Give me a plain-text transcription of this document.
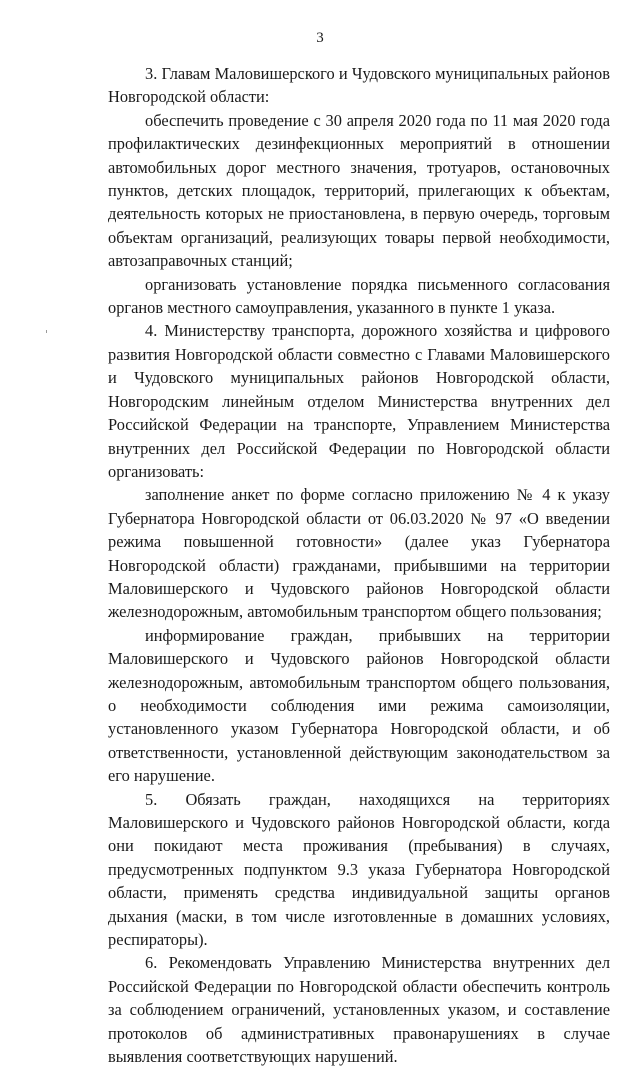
3

3. Главам Маловишерского и Чудовского муниципальных районов Новгородской области:

обеспечить проведение с 30 апреля 2020 года по 11 мая 2020 года профилактических дезинфекционных мероприятий в отношении автомобильных дорог местного значения, тротуаров, остановочных пунктов, детских площадок, территорий, прилегающих к объектам, деятельность которых не приостановлена, в первую очередь, торговым объектам организаций, реализующих товары первой необходимости, автозаправочных станций;

организовать установление порядка письменного согласования органов местного самоуправления, указанного в пункте 1 указа.

4. Министерству транспорта, дорожного хозяйства и цифрового развития Новгородской области совместно с Главами Маловишерского и Чудовского муниципальных районов Новгородской области, Новгородским линейным отделом Министерства внутренних дел Российской Федерации на транспорте, Управлением Министерства внутренних дел Российской Федерации по Новгородской области организовать:

заполнение анкет по форме согласно приложению № 4 к указу Губернатора Новгородской области от 06.03.2020 № 97 «О введении режима повышенной готовности» (далее указ Губернатора Новгородской области) гражданами, прибывшими на территории Маловишерского и Чудовского районов Новгородской области железнодорожным, автомобильным транспортом общего пользования;

информирование граждан, прибывших на территории Маловишерского и Чудовского районов Новгородской области железнодорожным, автомобильным транспортом общего пользования, о необходимости соблюдения ими режима самоизоляции, установленного указом Губернатора Новгородской области, и об ответственности, установленной действующим законодательством за его нарушение.

5. Обязать граждан, находящихся на территориях Маловишерского и Чудовского районов Новгородской области, когда они покидают места проживания (пребывания) в случаях, предусмотренных подпунктом 9.3 указа Губернатора Новгородской области, применять средства индивидуальной защиты органов дыхания (маски, в том числе изготовленные в домашних условиях, респираторы).

6. Рекомендовать Управлению Министерства внутренних дел Российской Федерации по Новгородской области обеспечить контроль за соблюдением ограничений, установленных указом, и составление протоколов об административных правонарушениях в случае выявления соответствующих нарушений.
